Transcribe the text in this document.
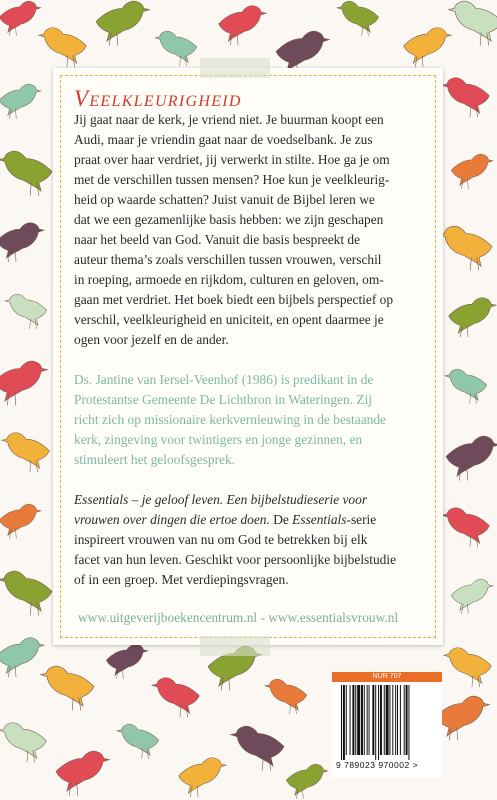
VEELKLEURIGHEID
Jij gaat naar de kerk, je vriend niet. Je buurman koopt een
Audi, maar je vriendin gaat naar de voedselbank. Je zus
praat over haar verdriet, jij verwerkt in stilte. Hoe ga je om
met de verschillen tussen mensen? Hoe kun je veelkleurig-
heid op waarde schatten? Juist vanuit de Bijbel leren we
dat we een gezamenlijke basis hebben: we zijn geschapen
naar het beeld van God. Vanuit die basis bespreekt de
auteur thema’s zoals verschillen tussen vrouwen, verschil
in roeping, armoede en rijkdom, culturen en geloven, om-
gaan met verdriet. Het boek biedt een bijbels perspectief op
verschil, veelkleurigheid en uniciteit, en opent daarmee je
ogen voor jezelf en de ander.
Ds. Jantine van Iersel-Veenhof (1986) is predikant in de
Protestantse Gemeente De Lichtbron in Wateringen. Zij
richt zich op missionaire kerkvernieuwing in de bestaande
kerk, zingeving voor twintigers en jonge gezinnen, en
stimuleert het geloofsgesprek.
Essentials – je geloof leven. Een bijbelstudieserie voor
vrouwen over dingen die ertoe doen. De Essentials-serie
inspireert vrouwen van nu om God te betrekken bij elk
facet van hun leven. Geschikt voor persoonlijke bijbelstudie
of in een groep. Met verdiepingsvragen.
www.uitgeverijboekencentrum.nl - www.essentialsvrouw.nl
NUR 707
9 789023 970002 >
